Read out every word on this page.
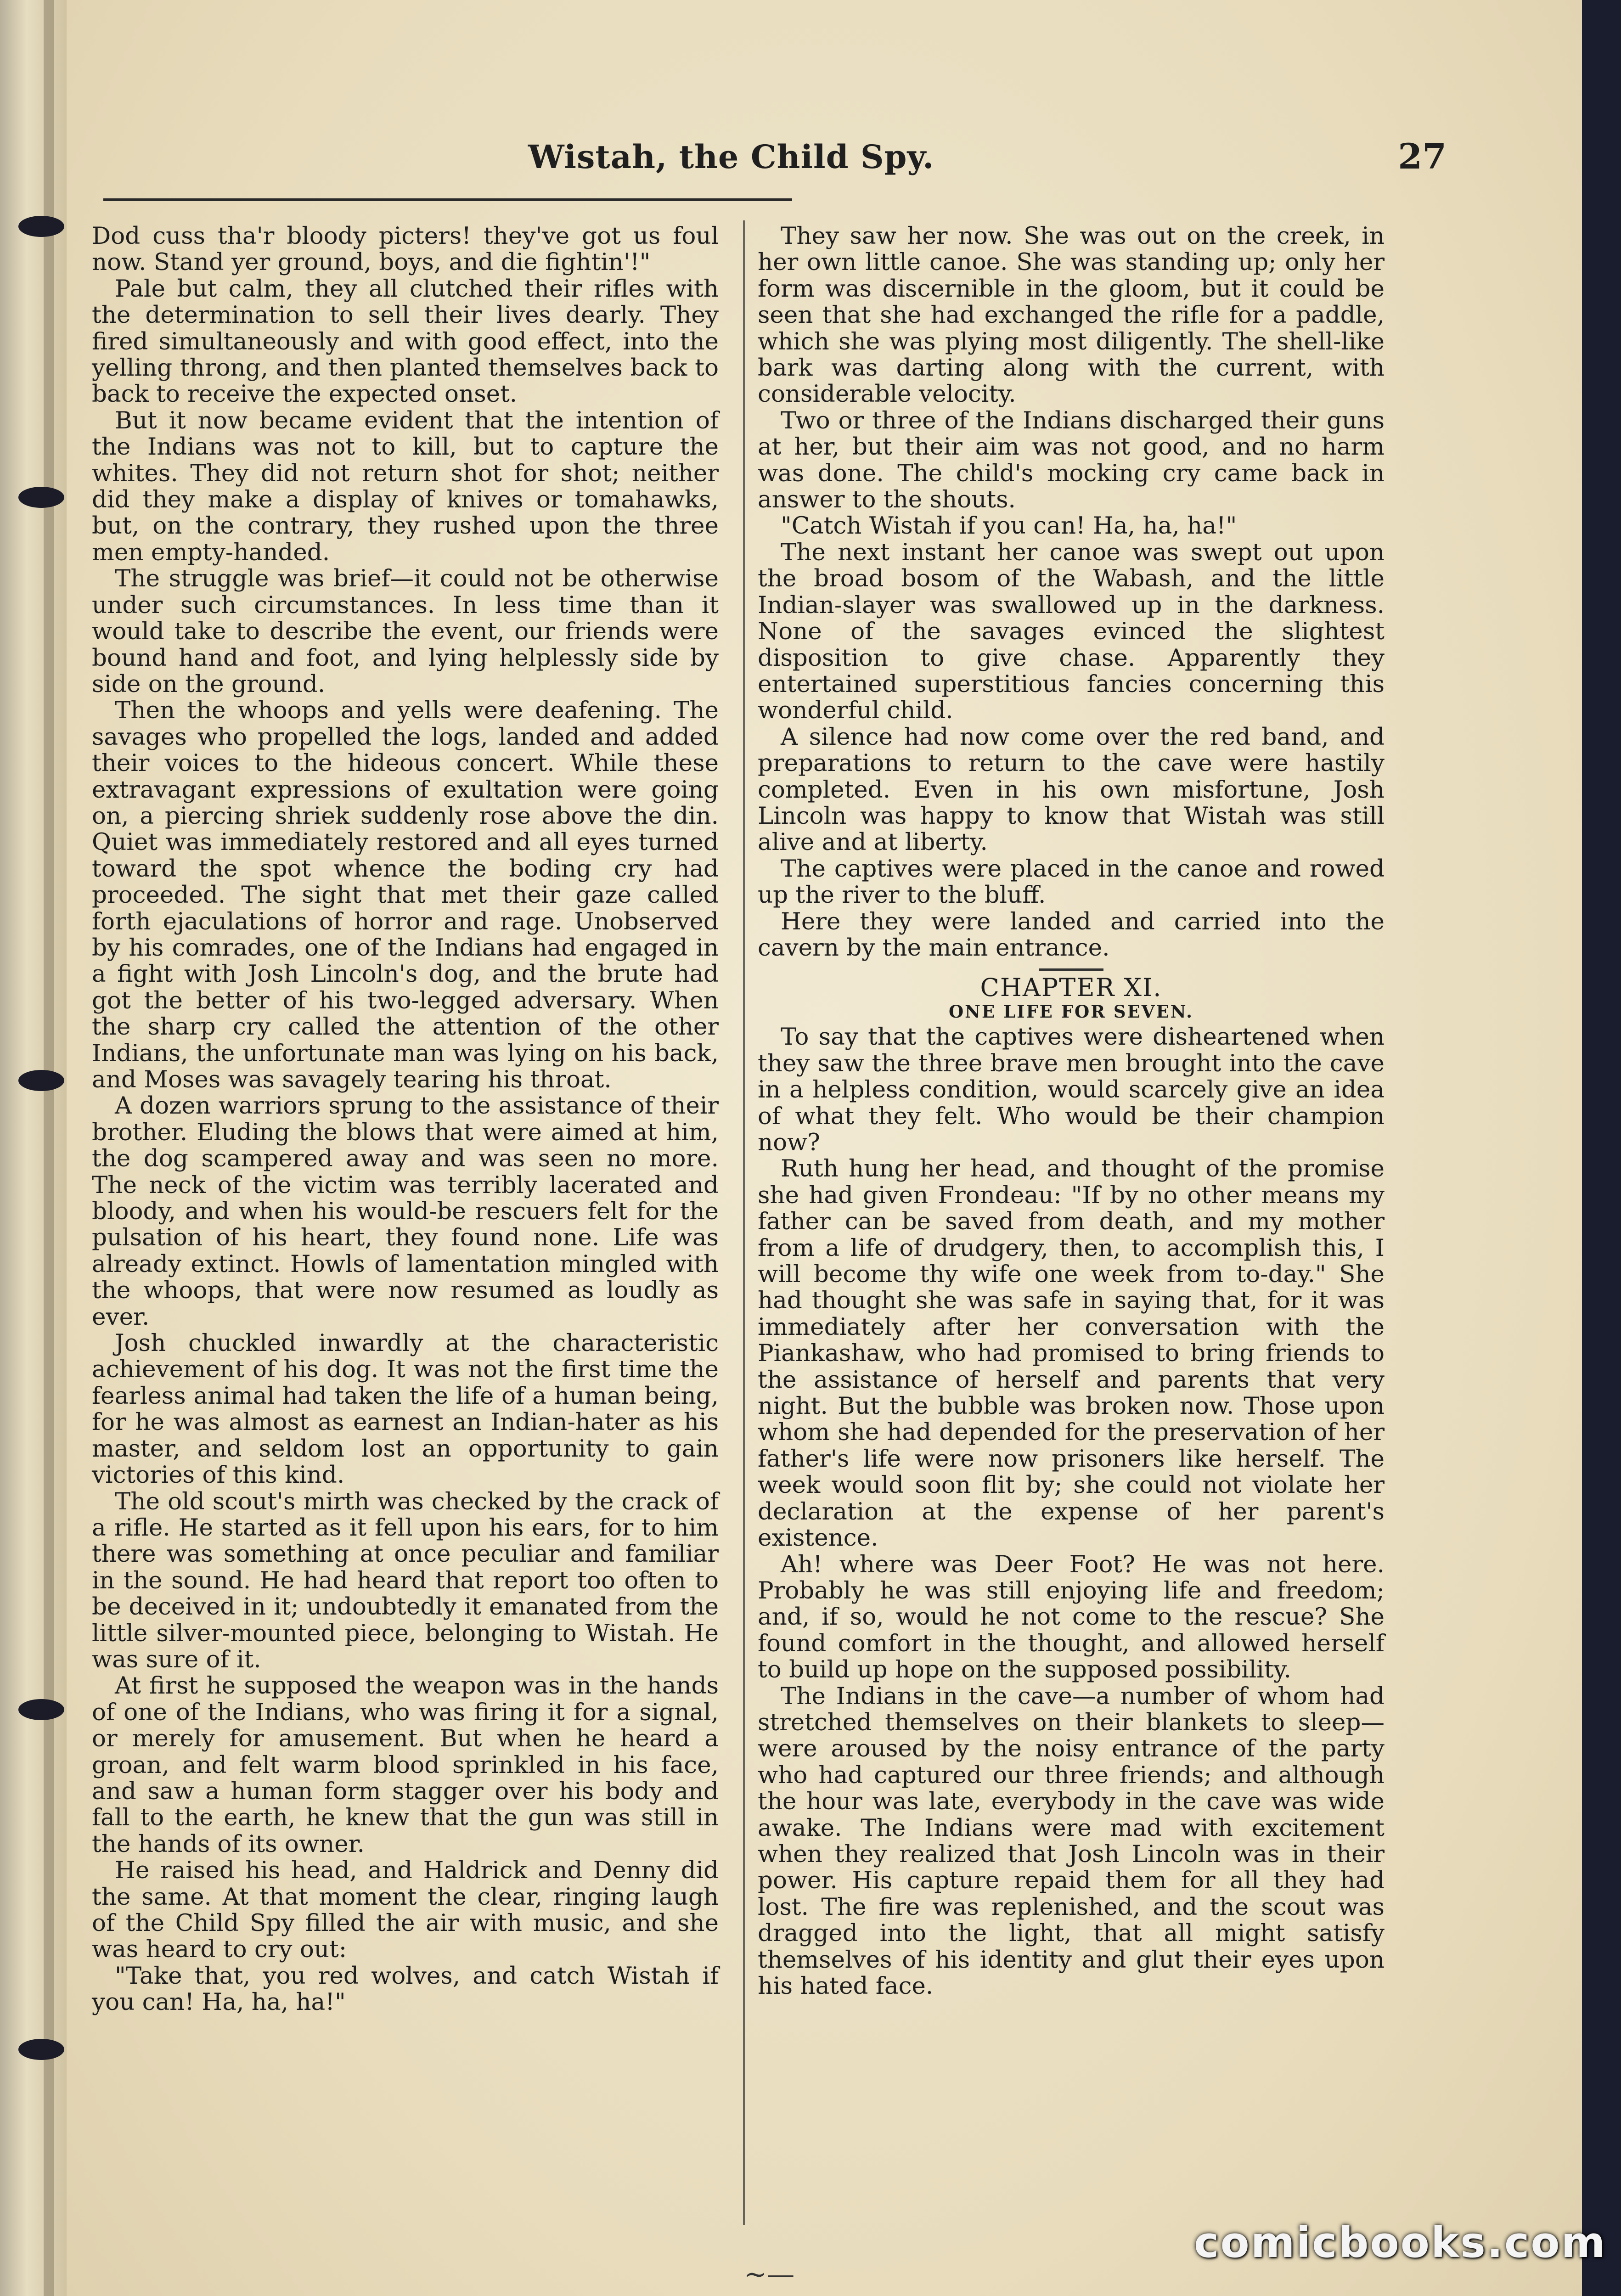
Wistah, the Child Spy.	27

Dod cuss tha'r bloody picters! they've got us foul now. Stand yer ground, boys, and die fightin'!"

Pale but calm, they all clutched their rifles with the determination to sell their lives dearly. They fired simultaneously and with good effect, into the yelling throng, and then planted themselves back to back to receive the expected onset.

But it now became evident that the intention of the Indians was not to kill, but to capture the whites. They did not return shot for shot; neither did they make a display of knives or tomahawks, but, on the contrary, they rushed upon the three men empty-handed.

The struggle was brief—it could not be otherwise under such circumstances. In less time than it would take to describe the event, our friends were bound hand and foot, and lying helplessly side by side on the ground.

Then the whoops and yells were deafening. The savages who propelled the logs, landed and added their voices to the hideous concert. While these extravagant expressions of exultation were going on, a piercing shriek suddenly rose above the din. Quiet was immediately restored and all eyes turned toward the spot whence the boding cry had proceeded. The sight that met their gaze called forth ejaculations of horror and rage. Unobserved by his comrades, one of the Indians had engaged in a fight with Josh Lincoln's dog, and the brute had got the better of his two-legged adversary. When the sharp cry called the attention of the other Indians, the unfortunate man was lying on his back, and Moses was savagely tearing his throat.

A dozen warriors sprung to the assistance of their brother. Eluding the blows that were aimed at him, the dog scampered away and was seen no more. The neck of the victim was terribly lacerated and bloody, and when his would-be rescuers felt for the pulsation of his heart, they found none. Life was already extinct. Howls of lamentation mingled with the whoops, that were now resumed as loudly as ever.

Josh chuckled inwardly at the characteristic achievement of his dog. It was not the first time the fearless animal had taken the life of a human being, for he was almost as earnest an Indian-hater as his master, and seldom lost an opportunity to gain victories of this kind.

The old scout's mirth was checked by the crack of a rifle. He started as it fell upon his ears, for to him there was something at once peculiar and familiar in the sound. He had heard that report too often to be deceived in it; undoubtedly it emanated from the little silver-mounted piece, belonging to Wistah. He was sure of it.

At first he supposed the weapon was in the hands of one of the Indians, who was firing it for a signal, or merely for amusement. But when he heard a groan, and felt warm blood sprinkled in his face, and saw a human form stagger over his body and fall to the earth, he knew that the gun was still in the hands of its owner.

He raised his head, and Haldrick and Denny did the same. At that moment the clear, ringing laugh of the Child Spy filled the air with music, and she was heard to cry out:

"Take that, you red wolves, and catch Wistah if you can! Ha, ha, ha!"

They saw her now. She was out on the creek, in her own little canoe. She was standing up; only her form was discernible in the gloom, but it could be seen that she had exchanged the rifle for a paddle, which she was plying most diligently. The shell-like bark was darting along with the current, with considerable velocity.

Two or three of the Indians discharged their guns at her, but their aim was not good, and no harm was done. The child's mocking cry came back in answer to the shouts.

"Catch Wistah if you can! Ha, ha, ha!"

The next instant her canoe was swept out upon the broad bosom of the Wabash, and the little Indian-slayer was swallowed up in the darkness. None of the savages evinced the slightest disposition to give chase. Apparently they entertained superstitious fancies concerning this wonderful child.

A silence had now come over the red band, and preparations to return to the cave were hastily completed. Even in his own misfortune, Josh Lincoln was happy to know that Wistah was still alive and at liberty.

The captives were placed in the canoe and rowed up the river to the bluff.

Here they were landed and carried into the cavern by the main entrance.

CHAPTER XI.

ONE LIFE FOR SEVEN.

To say that the captives were disheartened when they saw the three brave men brought into the cave in a helpless condition, would scarcely give an idea of what they felt. Who would be their champion now?

Ruth hung her head, and thought of the promise she had given Frondeau: "If by no other means my father can be saved from death, and my mother from a life of drudgery, then, to accomplish this, I will become thy wife one week from to-day." She had thought she was safe in saying that, for it was immediately after her conversation with the Piankashaw, who had promised to bring friends to the assistance of herself and parents that very night. But the bubble was broken now. Those upon whom she had depended for the preservation of her father's life were now prisoners like herself. The week would soon flit by; she could not violate her declaration at the expense of her parent's existence.

Ah! where was Deer Foot? He was not here. Probably he was still enjoying life and freedom; and, if so, would he not come to the rescue? She found comfort in the thought, and allowed herself to build up hope on the supposed possibility.

The Indians in the cave—a number of whom had stretched themselves on their blankets to sleep—were aroused by the noisy entrance of the party who had captured our three friends; and although the hour was late, everybody in the cave was wide awake. The Indians were mad with excitement when they realized that Josh Lincoln was in their power. His capture repaid them for all they had lost. The fire was replenished, and the scout was dragged into the light, that all might satisfy themselves of his identity and glut their eyes upon his hated face.

∼—
comicbooks.com
